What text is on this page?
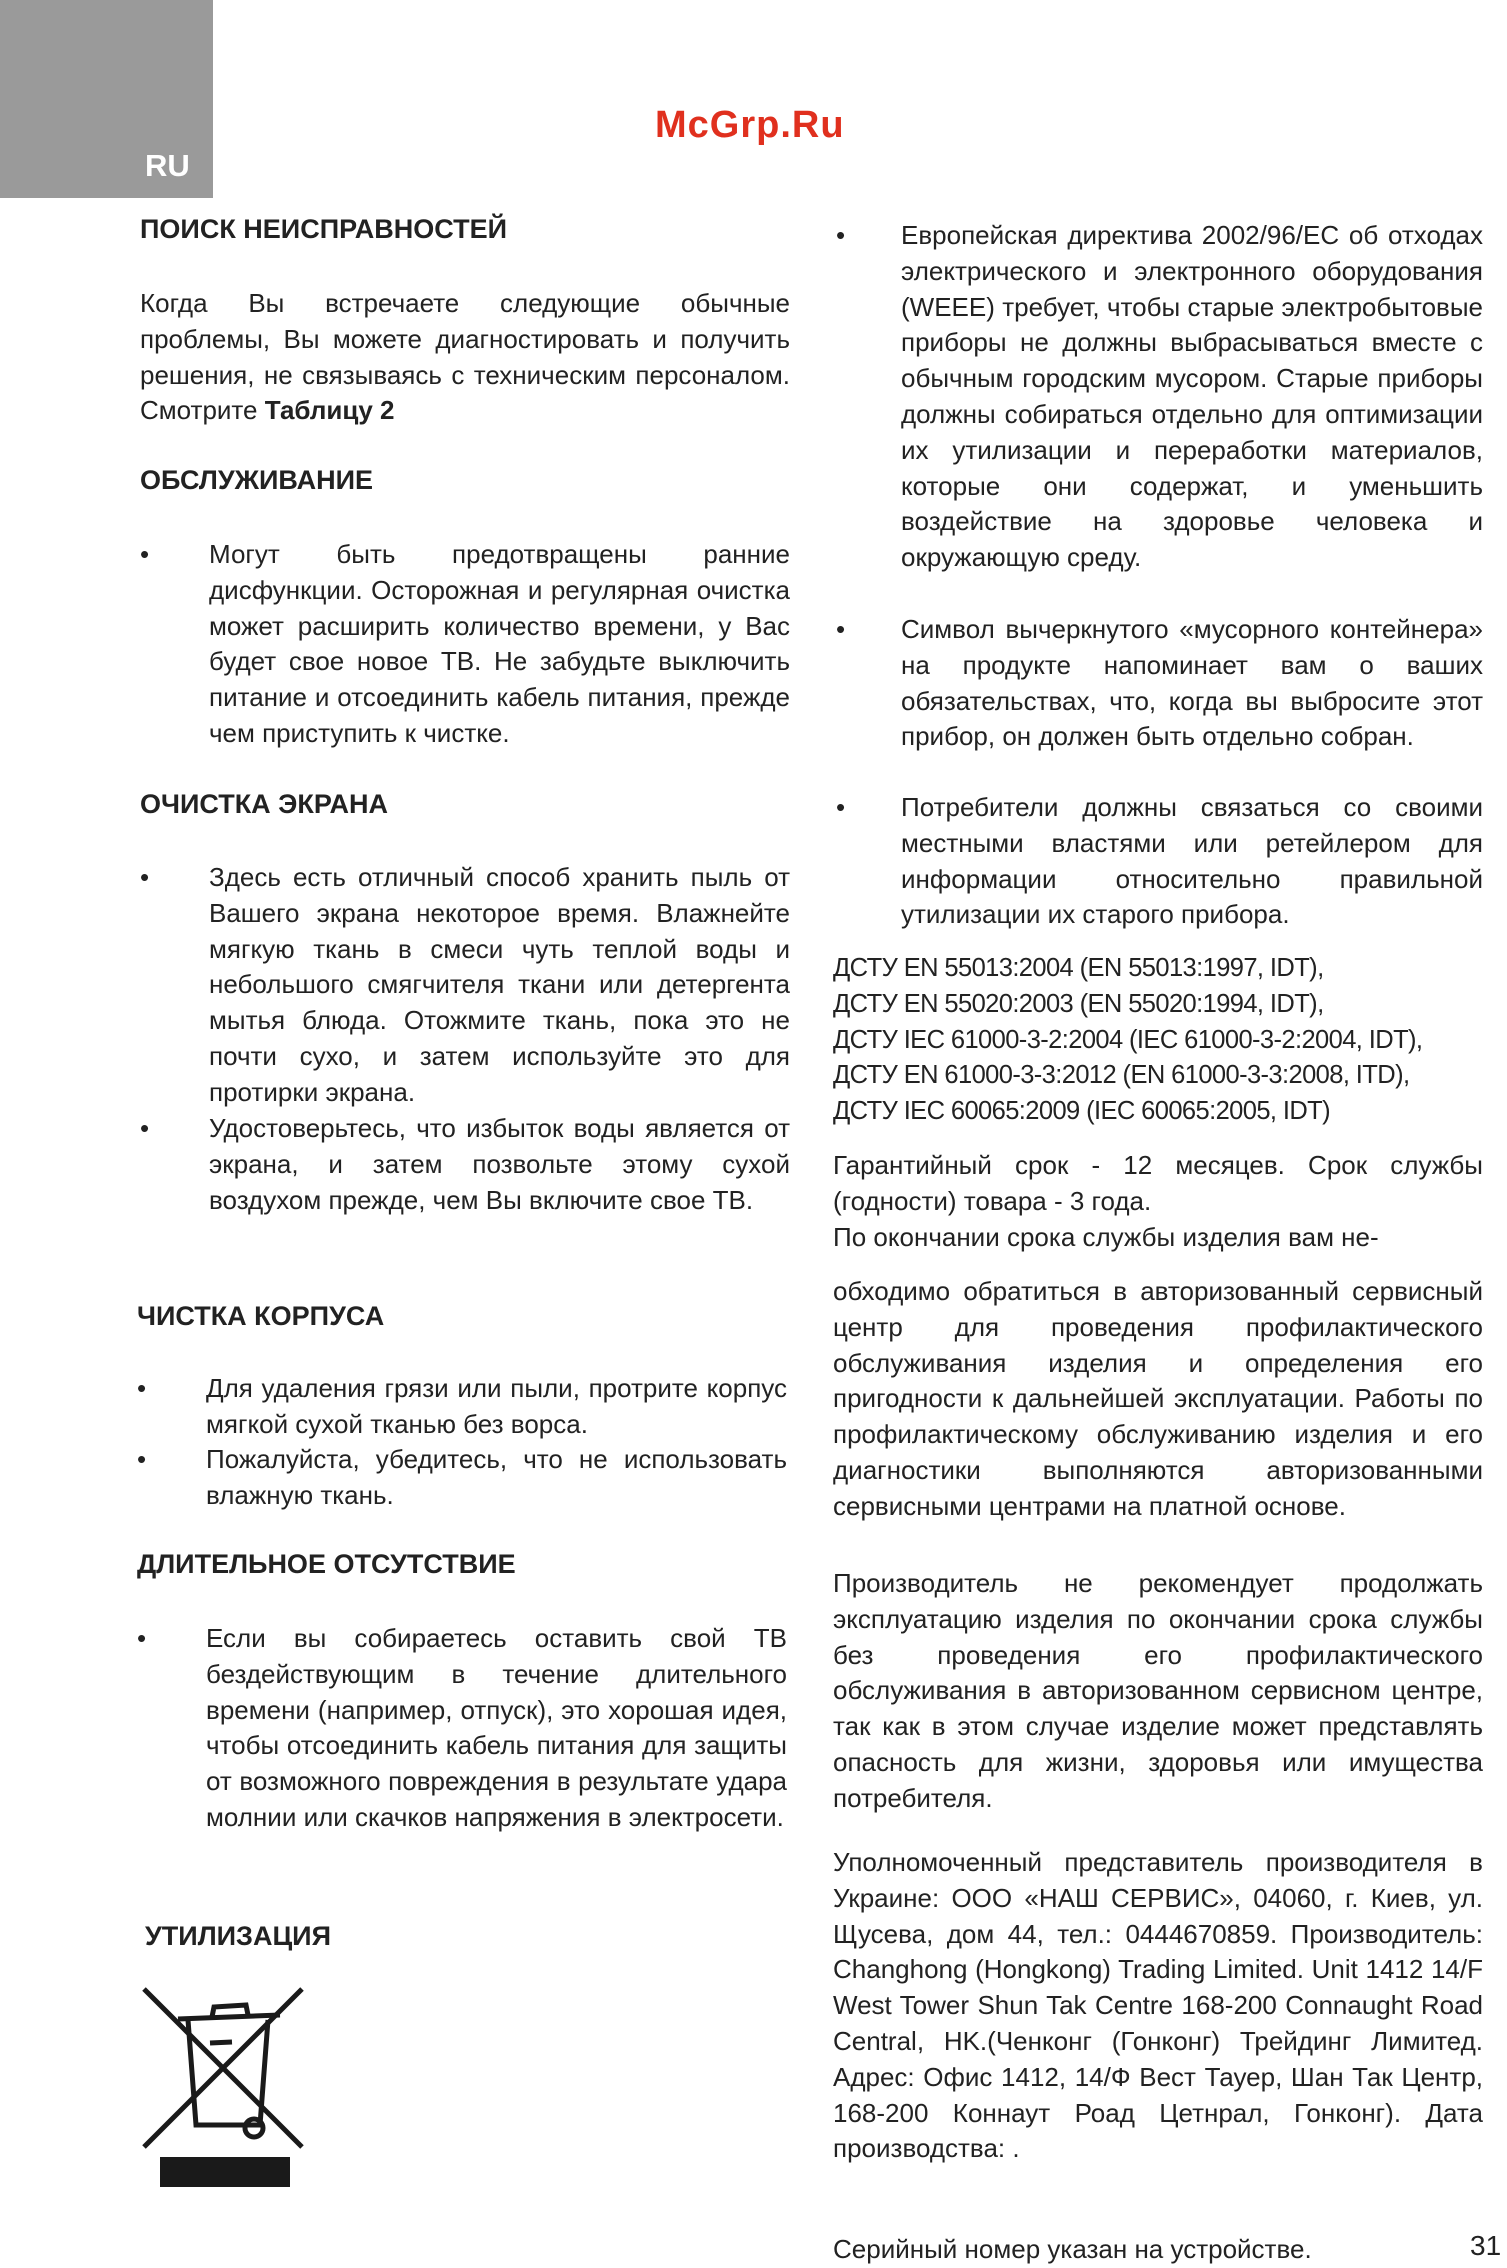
RU
McGrp.Ru
ПОИСК НЕИСПРАВНОСТЕЙ
Когда Вы встречаете следующие обычные проблемы, Вы можете диагностировать и получить решения, не связываясь с техническим персоналом. Смотрите Таблицу 2
ОБСЛУЖИВАНИЕ
• Могут быть предотвращены ранние дисфункции. Осторожная и регулярная очистка может расширить количество времени, у Вас будет свое новое ТВ. Не забудьте выключить питание и отсоединить кабель питания, прежде чем приступить к чистке.
ОЧИСТКА ЭКРАНА
• Здесь есть отличный способ хранить пыль от Вашего экрана некоторое время. Влажнейте мягкую ткань в смеси чуть теплой воды и небольшого смягчителя ткани или детергента мытья блюда. Отожмите ткань, пока это не почти сухо, и затем используйте это для протирки экрана.
• Удостоверьтесь, что избыток воды является от экрана, и затем позвольте этому сухой воздухом прежде, чем Вы включите свое ТВ.
ЧИСТКА КОРПУСА
• Для удаления грязи или пыли, протрите корпус мягкой сухой тканью без ворса.
• Пожалуйста, убедитесь, что не использовать влажную ткань.
ДЛИТЕЛЬНОЕ ОТСУТСТВИЕ
• Если вы собираетесь оставить свой ТВ бездействующим в течение длительного времени (например, отпуск), это хорошая идея, чтобы отсоединить кабель питания для защиты от возможного повреждения в результате удара молнии или скачков напряжения в электросети.
УТИЛИЗАЦИЯ
• Европейская директива 2002/96/ЕС об отходах электрического и электронного оборудования (WEEE) требует, чтобы старые электробытовые приборы не должны выбрасываться вместе с обычным городским мусором. Старые приборы должны собираться отдельно для оптимизации их утилизации и переработки материалов, которые они содержат, и уменьшить воздействие на здоровье человека и окружающую среду.
• Символ вычеркнутого «мусорного контейнера» на продукте напоминает вам о ваших обязательствах, что, когда вы выбросите этот прибор, он должен быть отдельно собран.
• Потребители должны связаться со своими местными властями или ретейлером для информации относительно правильной утилизации их старого прибора.
ДСТУ EN 55013:2004 (EN 55013:1997, IDT),
ДСТУ EN 55020:2003 (EN 55020:1994, IDT),
ДСТУ IEC 61000-3-2:2004 (IEC 61000-3-2:2004, IDT),
ДСТУ EN 61000-3-3:2012 (EN 61000-3-3:2008, ITD),
ДСТУ IEC 60065:2009 (IEC 60065:2005, IDT)
Гарантийный срок - 12 месяцев. Срок службы (годности) товара - 3 года.
По окончании срока службы изделия вам не-
обходимо обратиться в авторизованный сервисный центр для проведения профилактического обслуживания изделия и определения его пригодности к дальнейшей эксплуатации. Работы по профилактическому обслуживанию изделия и его диагностики выполняются авторизованными сервисными центрами на платной основе.
Производитель не рекомендует продолжать эксплуатацию изделия по окончании срока службы без проведения его профилактического обслуживания в авторизованном сервисном центре, так как в этом случае изделие может представлять опасность для жизни, здоровья или имущества потребителя.
Уполномоченный представитель производителя в Украине: ООО «НАШ СЕРВИС», 04060, г. Киев, ул. Щусева, дом 44, тел.: 0444670859. Производитель: Changhong (Hongkong) Trading Limited. Unit 1412 14/F West Tower Shun Tak Centre 168-200 Connaught Road Central, HK.(Ченконг (Гонконг) Трейдинг Лимитед. Адрес: Офис 1412, 14/Ф Вест Тауер, Шан Так Центр, 168-200 Коннаут Роад Цетнрал, Гонконг). Дата производства: .
Серийный номер указан на устройстве.	31
